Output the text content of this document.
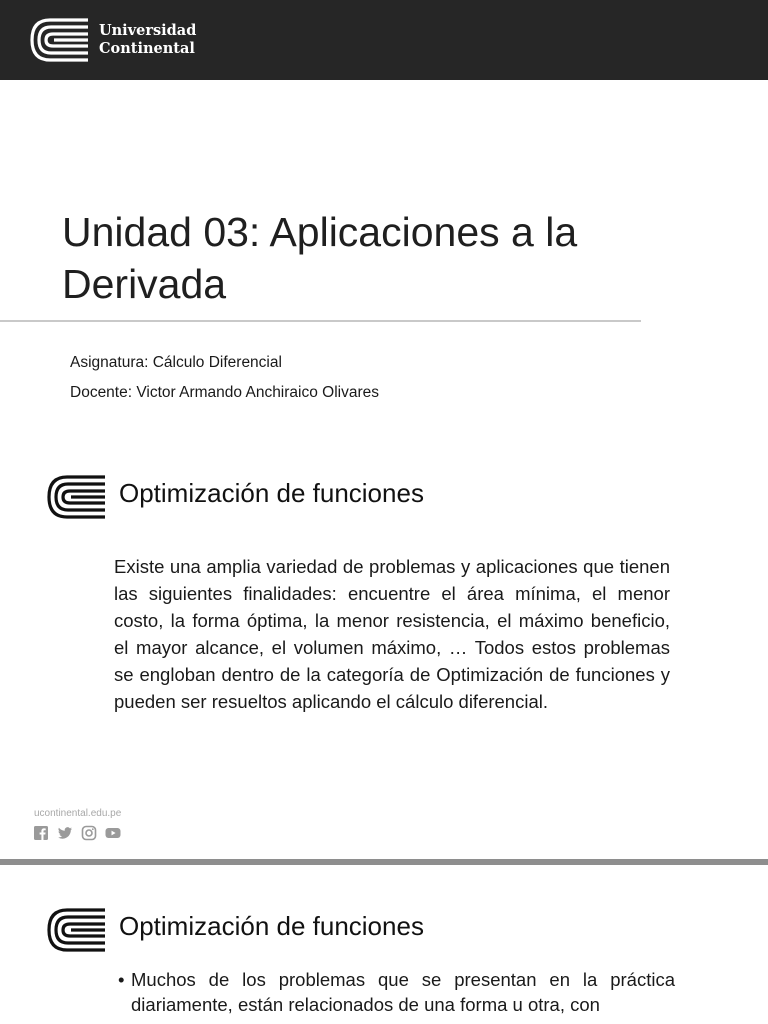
Universidad
Continental
Unidad 03: Aplicaciones a la
Derivada
Asignatura: Cálculo Diferencial
Docente: Victor Armando Anchiraico Olivares
Optimización de funciones

Existe una amplia variedad de problemas y aplicaciones que tienen las siguientes finalidades: encuentre el área mínima, el menor costo, la forma óptima, la menor resistencia, el máximo beneficio, el mayor alcance, el volumen máximo, … Todos estos problemas se engloban dentro de la categoría de Optimización de funciones y pueden ser resueltos aplicando el cálculo diferencial.

ucontinental.edu.pe
Optimización de funciones
• Muchos de los problemas que se presentan en la práctica diariamente, están relacionados de una forma u otra, con
